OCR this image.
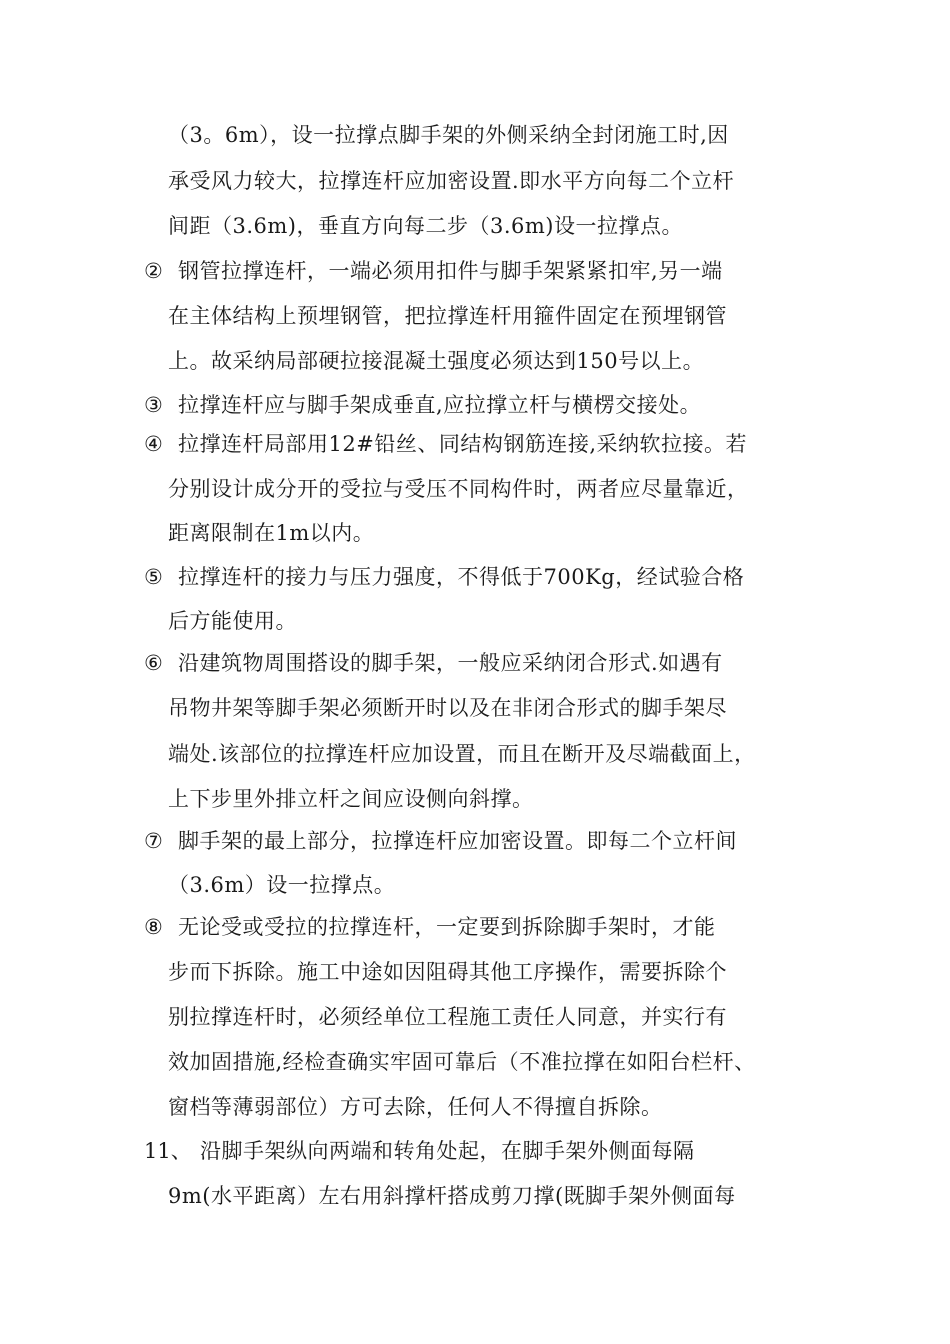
（3。6m），设一拉撑点脚手架的外侧采纳全封闭施工时,因
承受风力较大，拉撑连杆应加密设置.即水平方向每二个立杆
间距（3.6m)，垂直方向每二步（3.6m)设一拉撑点。
② 钢管拉撑连杆，一端必须用扣件与脚手架紧紧扣牢,另一端
在主体结构上预埋钢管，把拉撑连杆用箍件固定在预埋钢管
上。故采纳局部硬拉接混凝土强度必须达到150号以上。
③ 拉撑连杆应与脚手架成垂直,应拉撑立杆与横楞交接处。
④ 拉撑连杆局部用12#铅丝、同结构钢筋连接,采纳软拉接。若
分别设计成分开的受拉与受压不同构件时，两者应尽量靠近，
距离限制在1m以内。
⑤ 拉撑连杆的接力与压力强度，不得低于700Kg，经试验合格
后方能使用。
⑥ 沿建筑物周围搭设的脚手架，一般应采纳闭合形式.如遇有
吊物井架等脚手架必须断开时以及在非闭合形式的脚手架尽
端处.该部位的拉撑连杆应加设置，而且在断开及尽端截面上，
上下步里外排立杆之间应设侧向斜撑。
⑦ 脚手架的最上部分，拉撑连杆应加密设置。即每二个立杆间
（3.6m）设一拉撑点。
⑧ 无论受或受拉的拉撑连杆，一定要到拆除脚手架时，才能
步而下拆除。施工中途如因阻碍其他工序操作，需要拆除个
别拉撑连杆时，必须经单位工程施工责任人同意，并实行有
效加固措施,经检查确实牢固可靠后（不准拉撑在如阳台栏杆、
窗档等薄弱部位）方可去除，任何人不得擅自拆除。
11、 沿脚手架纵向两端和转角处起，在脚手架外侧面每隔
9m(水平距离）左右用斜撑杆搭成剪刀撑(既脚手架外侧面每
